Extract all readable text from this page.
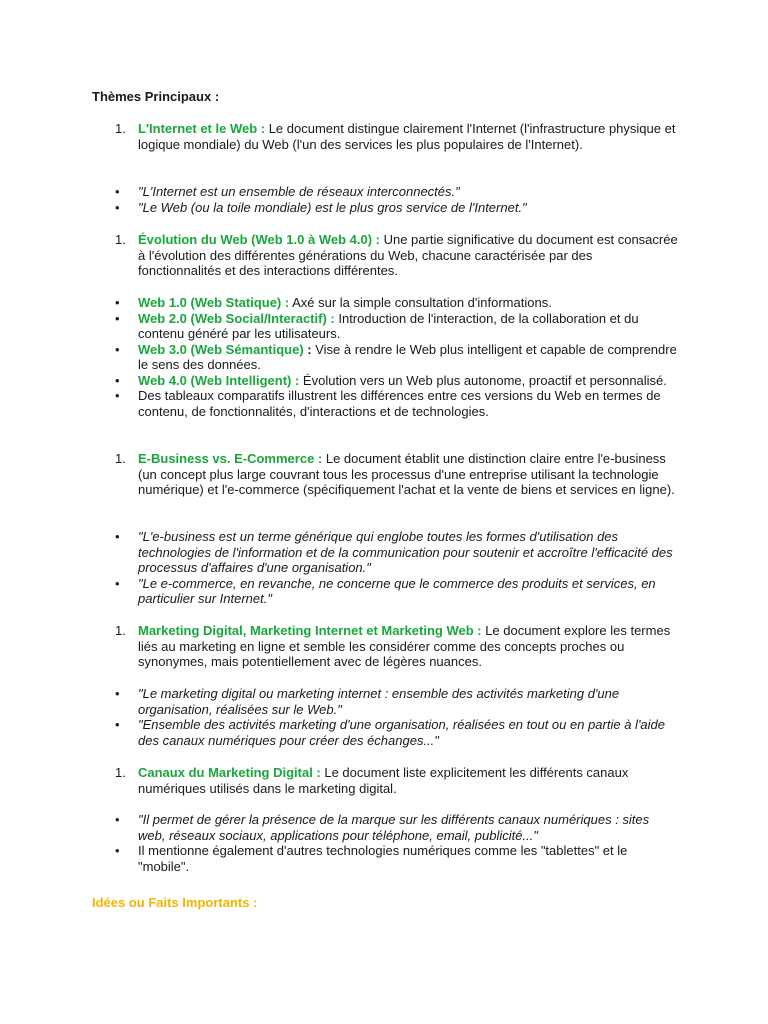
Thèmes Principaux :
1. L'Internet et le Web : Le document distingue clairement l'Internet (l'infrastructure physique et logique mondiale) du Web (l'un des services les plus populaires de l'Internet).
• "L'Internet est un ensemble de réseaux interconnectés."
• "Le Web (ou la toile mondiale) est le plus gros service de l'Internet."
1. Évolution du Web (Web 1.0 à Web 4.0) : Une partie significative du document est consacrée à l'évolution des différentes générations du Web, chacune caractérisée par des fonctionnalités et des interactions différentes.
• Web 1.0 (Web Statique) : Axé sur la simple consultation d'informations.
• Web 2.0 (Web Social/Interactif) : Introduction de l'interaction, de la collaboration et du contenu généré par les utilisateurs.
• Web 3.0 (Web Sémantique) : Vise à rendre le Web plus intelligent et capable de comprendre le sens des données.
• Web 4.0 (Web Intelligent) : Évolution vers un Web plus autonome, proactif et personnalisé.
• Des tableaux comparatifs illustrent les différences entre ces versions du Web en termes de contenu, de fonctionnalités, d'interactions et de technologies.
1. E-Business vs. E-Commerce : Le document établit une distinction claire entre l'e-business (un concept plus large couvrant tous les processus d'une entreprise utilisant la technologie numérique) et l'e-commerce (spécifiquement l'achat et la vente de biens et services en ligne).
• "L'e-business est un terme générique qui englobe toutes les formes d'utilisation des technologies de l'information et de la communication pour soutenir et accroître l'efficacité des processus d'affaires d'une organisation."
• "Le e-commerce, en revanche, ne concerne que le commerce des produits et services, en particulier sur Internet."
1. Marketing Digital, Marketing Internet et Marketing Web : Le document explore les termes liés au marketing en ligne et semble les considérer comme des concepts proches ou synonymes, mais potentiellement avec de légères nuances.
• "Le marketing digital ou marketing internet : ensemble des activités marketing d'une organisation, réalisées sur le Web."
• "Ensemble des activités marketing d'une organisation, réalisées en tout ou en partie à l'aide des canaux numériques pour créer des échanges..."
1. Canaux du Marketing Digital : Le document liste explicitement les différents canaux numériques utilisés dans le marketing digital.
• "Il permet de gérer la présence de la marque sur les différents canaux numériques : sites web, réseaux sociaux, applications pour téléphone, email, publicité..."
• Il mentionne également d'autres technologies numériques comme les "tablettes" et le "mobile".
Idées ou Faits Importants :
